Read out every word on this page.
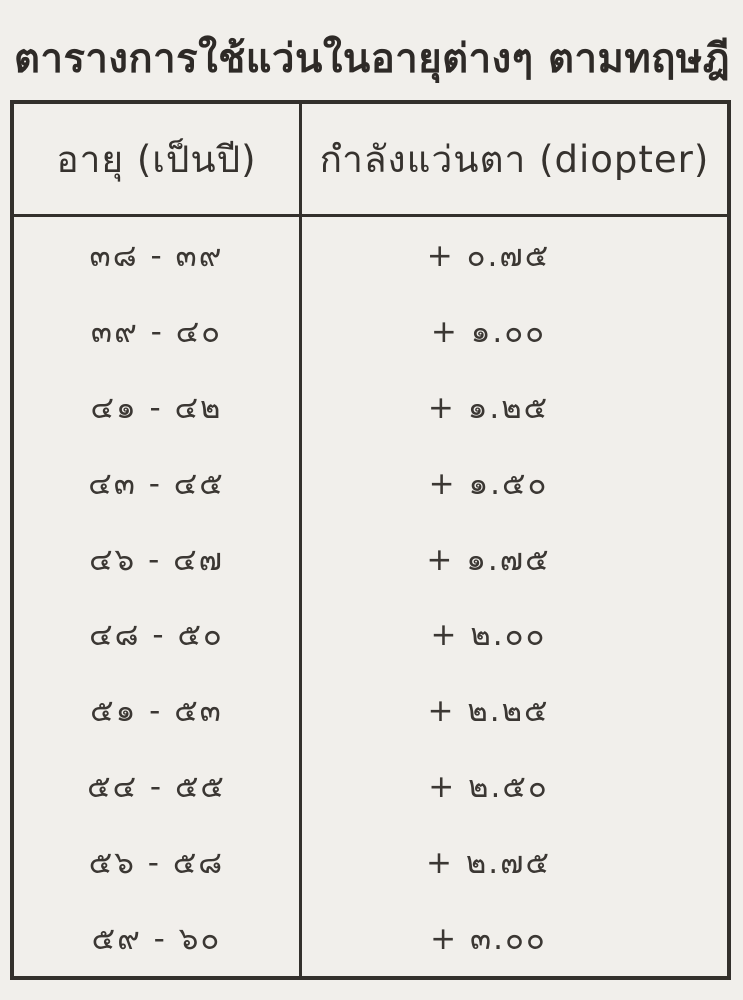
ตารางการใช้แว่นในอายุต่างๆ ตามทฤษฎี
อายุ (เป็นปี)	กำลังแว่นตา (diopter)
๓๘ - ๓๙	+ ๐.๗๕
๓๙ - ๔๐	+ ๑.๐๐
๔๑ - ๔๒	+ ๑.๒๕
๔๓ - ๔๕	+ ๑.๕๐
๔๖ - ๔๗	+ ๑.๗๕
๔๘ - ๕๐	+ ๒.๐๐
๕๑ - ๕๓	+ ๒.๒๕
๕๔ - ๕๕	+ ๒.๕๐
๕๖ - ๕๘	+ ๒.๗๕
๕๙ - ๖๐	+ ๓.๐๐
